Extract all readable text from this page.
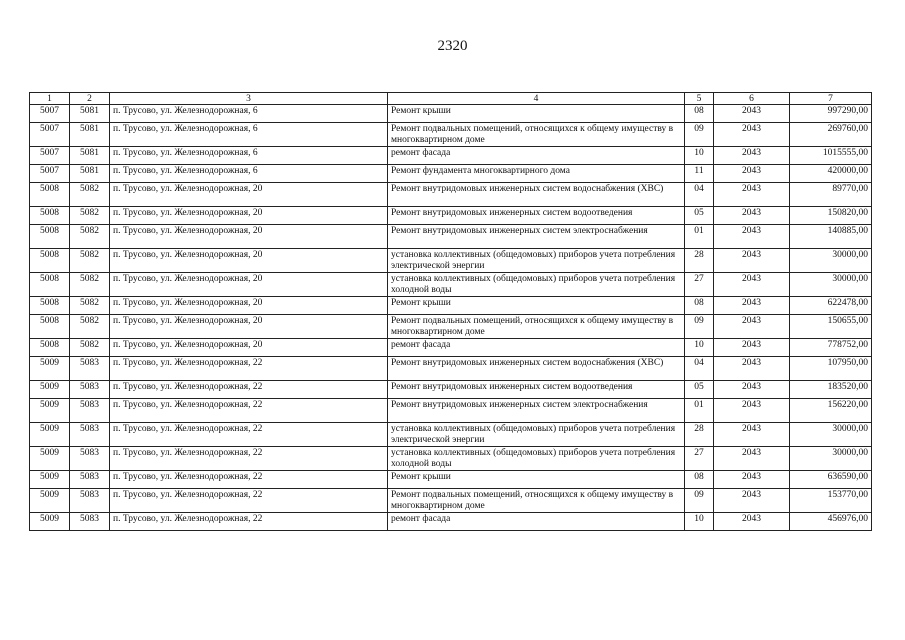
2320
1	2	3	4	5	6	7
5007	5081	п. Трусово, ул. Железнодорожная, 6	Ремонт крыши	08	2043	997290,00
5007	5081	п. Трусово, ул. Железнодорожная, 6	Ремонт подвальных помещений, относящихся к общему имуществу в многоквартирном доме	09	2043	269760,00
5007	5081	п. Трусово, ул. Железнодорожная, 6	ремонт фасада	10	2043	1015555,00
5007	5081	п. Трусово, ул. Железнодорожная, 6	Ремонт фундамента многоквартирного дома	11	2043	420000,00
5008	5082	п. Трусово, ул. Железнодорожная, 20	Ремонт внутридомовых инженерных систем водоснабжения (ХВС)	04	2043	89770,00
5008	5082	п. Трусово, ул. Железнодорожная, 20	Ремонт внутридомовых инженерных систем водоотведения	05	2043	150820,00
5008	5082	п. Трусово, ул. Железнодорожная, 20	Ремонт внутридомовых инженерных систем электроснабжения	01	2043	140885,00
5008	5082	п. Трусово, ул. Железнодорожная, 20	установка коллективных (общедомовых) приборов учета потребления электрической энергии	28	2043	30000,00
5008	5082	п. Трусово, ул. Железнодорожная, 20	установка коллективных (общедомовых) приборов учета потребления холодной воды	27	2043	30000,00
5008	5082	п. Трусово, ул. Железнодорожная, 20	Ремонт крыши	08	2043	622478,00
5008	5082	п. Трусово, ул. Железнодорожная, 20	Ремонт подвальных помещений, относящихся к общему имуществу в многоквартирном доме	09	2043	150655,00
5008	5082	п. Трусово, ул. Железнодорожная, 20	ремонт фасада	10	2043	778752,00
5009	5083	п. Трусово, ул. Железнодорожная, 22	Ремонт внутридомовых инженерных систем водоснабжения (ХВС)	04	2043	107950,00
5009	5083	п. Трусово, ул. Железнодорожная, 22	Ремонт внутридомовых инженерных систем водоотведения	05	2043	183520,00
5009	5083	п. Трусово, ул. Железнодорожная, 22	Ремонт внутридомовых инженерных систем электроснабжения	01	2043	156220,00
5009	5083	п. Трусово, ул. Железнодорожная, 22	установка коллективных (общедомовых) приборов учета потребления электрической энергии	28	2043	30000,00
5009	5083	п. Трусово, ул. Железнодорожная, 22	установка коллективных (общедомовых) приборов учета потребления холодной воды	27	2043	30000,00
5009	5083	п. Трусово, ул. Железнодорожная, 22	Ремонт крыши	08	2043	636590,00
5009	5083	п. Трусово, ул. Железнодорожная, 22	Ремонт подвальных помещений, относящихся к общему имуществу в многоквартирном доме	09	2043	153770,00
5009	5083	п. Трусово, ул. Железнодорожная, 22	ремонт фасада	10	2043	456976,00
